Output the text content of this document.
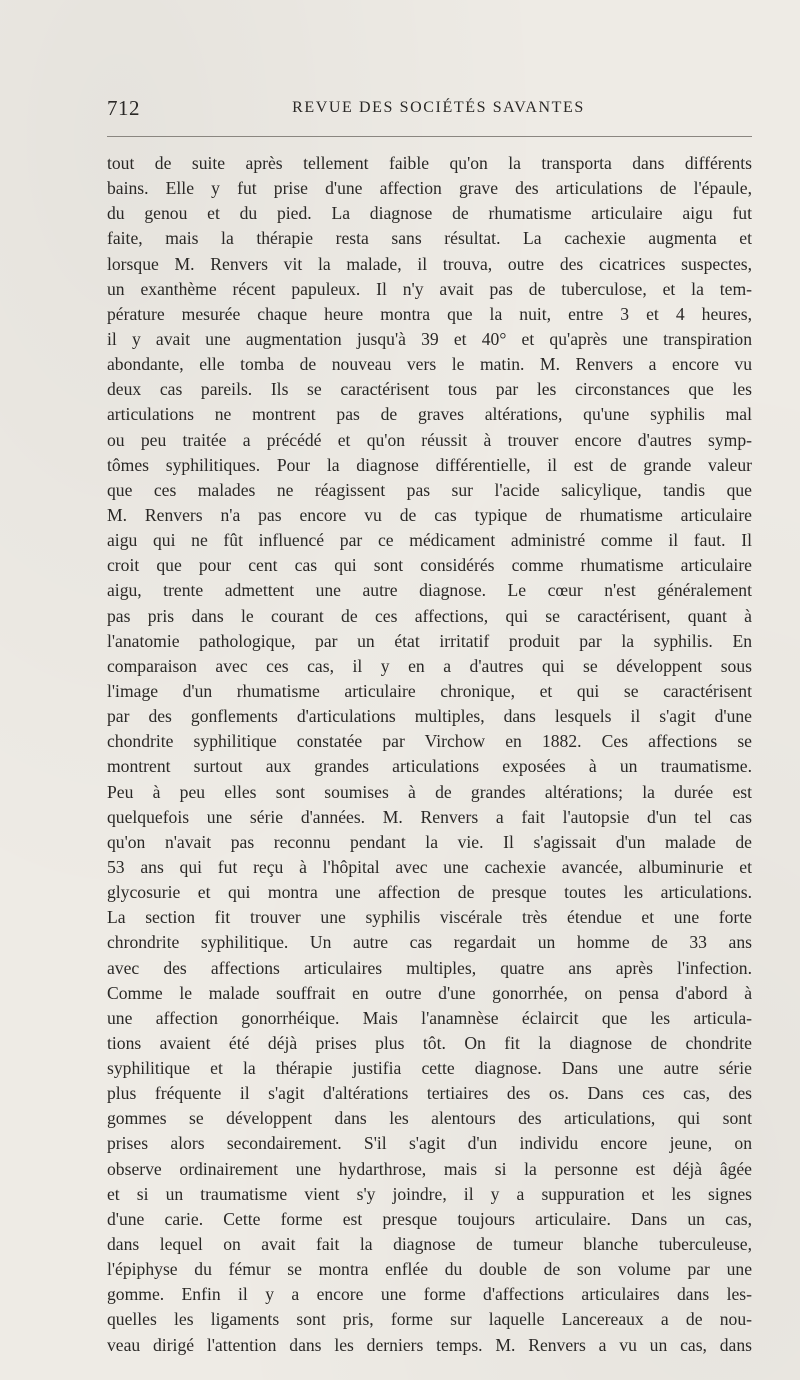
712	REVUE DES SOCIÉTÉS SAVANTES
tout de suite après tellement faible qu'on la transporta dans différents
bains. Elle y fut prise d'une affection grave des articulations de l'épaule,
du genou et du pied. La diagnose de rhumatisme articulaire aigu fut
faite, mais la thérapie resta sans résultat. La cachexie augmenta et
lorsque M. Renvers vit la malade, il trouva, outre des cicatrices suspectes,
un exanthème récent papuleux. Il n'y avait pas de tuberculose, et la tem-
pérature mesurée chaque heure montra que la nuit, entre 3 et 4 heures,
il y avait une augmentation jusqu'à 39 et 40° et qu'après une transpiration
abondante, elle tomba de nouveau vers le matin. M. Renvers a encore vu
deux cas pareils. Ils se caractérisent tous par les circonstances que les
articulations ne montrent pas de graves altérations, qu'une syphilis mal
ou peu traitée a précédé et qu'on réussit à trouver encore d'autres symp-
tômes syphilitiques. Pour la diagnose différentielle, il est de grande valeur
que ces malades ne réagissent pas sur l'acide salicylique, tandis que
M. Renvers n'a pas encore vu de cas typique de rhumatisme articulaire
aigu qui ne fût influencé par ce médicament administré comme il faut. Il
croit que pour cent cas qui sont considérés comme rhumatisme articulaire
aigu, trente admettent une autre diagnose. Le cœur n'est généralement
pas pris dans le courant de ces affections, qui se caractérisent, quant à
l'anatomie pathologique, par un état irritatif produit par la syphilis. En
comparaison avec ces cas, il y en a d'autres qui se développent sous
l'image d'un rhumatisme articulaire chronique, et qui se caractérisent
par des gonflements d'articulations multiples, dans lesquels il s'agit d'une
chondrite syphilitique constatée par Virchow en 1882. Ces affections se
montrent surtout aux grandes articulations exposées à un traumatisme.
Peu à peu elles sont soumises à de grandes altérations; la durée est
quelquefois une série d'années. M. Renvers a fait l'autopsie d'un tel cas
qu'on n'avait pas reconnu pendant la vie. Il s'agissait d'un malade de
53 ans qui fut reçu à l'hôpital avec une cachexie avancée, albuminurie et
glycosurie et qui montra une affection de presque toutes les articulations.
La section fit trouver une syphilis viscérale très étendue et une forte
chrondrite syphilitique. Un autre cas regardait un homme de 33 ans
avec des affections articulaires multiples, quatre ans après l'infection.
Comme le malade souffrait en outre d'une gonorrhée, on pensa d'abord à
une affection gonorrhéique. Mais l'anamnèse éclaircit que les articula-
tions avaient été déjà prises plus tôt. On fit la diagnose de chondrite
syphilitique et la thérapie justifia cette diagnose. Dans une autre série
plus fréquente il s'agit d'altérations tertiaires des os. Dans ces cas, des
gommes se développent dans les alentours des articulations, qui sont
prises alors secondairement. S'il s'agit d'un individu encore jeune, on
observe ordinairement une hydarthrose, mais si la personne est déjà âgée
et si un traumatisme vient s'y joindre, il y a suppuration et les signes
d'une carie. Cette forme est presque toujours articulaire. Dans un cas,
dans lequel on avait fait la diagnose de tumeur blanche tuberculeuse,
l'épiphyse du fémur se montra enflée du double de son volume par une
gomme. Enfin il y a encore une forme d'affections articulaires dans les-
quelles les ligaments sont pris, forme sur laquelle Lancereaux a de nou-
veau dirigé l'attention dans les derniers temps. M. Renvers a vu un cas, dans
